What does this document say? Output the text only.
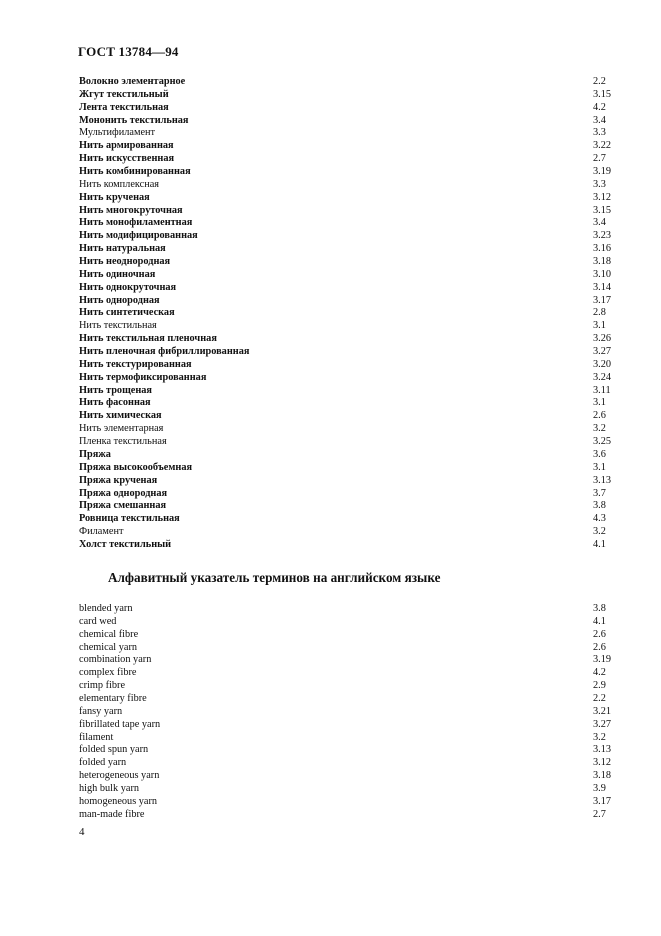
ГОСТ 13784—94
Волокно элементарное	2.2
Жгут текстильный	3.15
Лента текстильная	4.2
Мононить текстильная	3.4
Мультифиламент	3.3
Нить армированная	3.22
Нить искусственная	2.7
Нить комбинированная	3.19
Нить комплексная	3.3
Нить крученая	3.12
Нить многокруточная	3.15
Нить монофиламентная	3.4
Нить модифицированная	3.23
Нить натуральная	3.16
Нить неоднородная	3.18
Нить одиночная	3.10
Нить однокруточная	3.14
Нить однородная	3.17
Нить синтетическая	2.8
Нить текстильная	3.1
Нить текстильная пленочная	3.26
Нить пленочная фибриллированная	3.27
Нить текстурированная	3.20
Нить термофиксированная	3.24
Нить трощеная	3.11
Нить фасонная	3.1
Нить химическая	2.6
Нить элементарная	3.2
Пленка текстильная	3.25
Пряжа	3.6
Пряжа высокообъемная	3.1
Пряжа крученая	3.13
Пряжа однородная	3.7
Пряжа смешанная	3.8
Ровница текстильная	4.3
Филамент	3.2
Холст текстильный	4.1
Алфавитный указатель терминов на английском языке
blended yarn	3.8
card wed	4.1
chemical fibre	2.6
chemical yarn	2.6
combination yarn	3.19
complex fibre	4.2
crimp fibre	2.9
elementary fibre	2.2
fansy yarn	3.21
fibrillated tape yarn	3.27
filament	3.2
folded spun yarn	3.13
folded yarn	3.12
heterogeneous yarn	3.18
high bulk yarn	3.9
homogeneous yarn	3.17
man-made fibre	2.7
4
